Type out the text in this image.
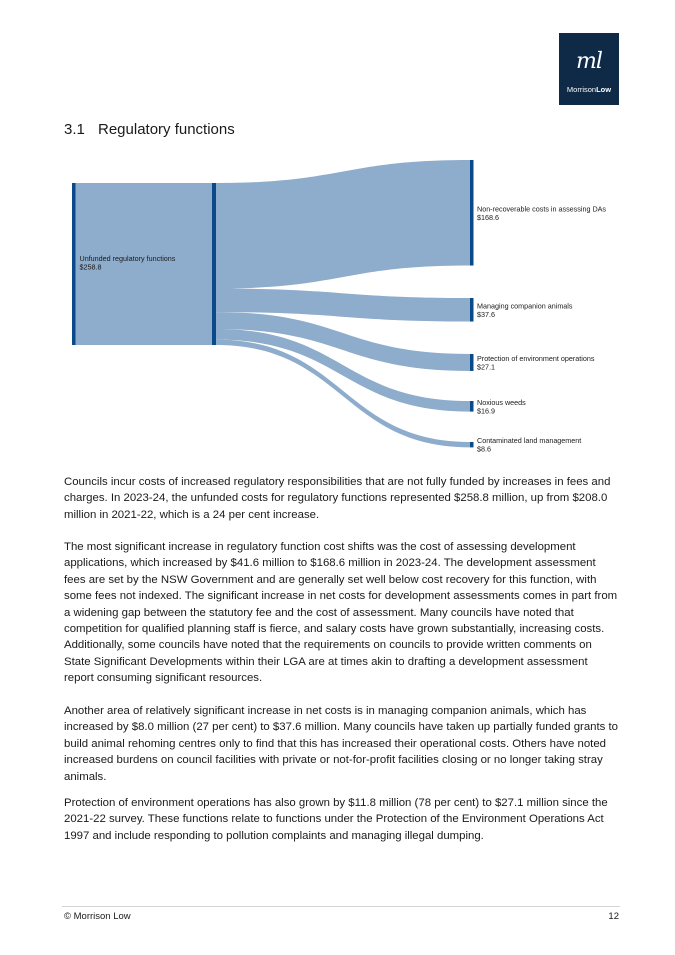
ml
MorrisonLow
3.1 Regulatory functions
Unfunded regulatory functions
$258.8
Non-recoverable costs in assessing DAs
$168.6
Managing companion animals
$37.6
Protection of environment operations
$27.1
Noxious weeds
$16.9
Contaminated land management
$8.6

Councils incur costs of increased regulatory responsibilities that are not fully funded by increases in fees and charges. In 2023-24, the unfunded costs for regulatory functions represented $258.8 million, up from $208.0 million in 2021-22, which is a 24 per cent increase.

The most significant increase in regulatory function cost shifts was the cost of assessing development applications, which increased by $41.6 million to $168.6 million in 2023-24. The development assessment fees are set by the NSW Government and are generally set well below cost recovery for this function, with some fees not indexed. The significant increase in net costs for development assessments comes in part from a widening gap between the statutory fee and the cost of assessment. Many councils have noted that competition for qualified planning staff is fierce, and salary costs have grown substantially, increasing costs. Additionally, some councils have noted that the requirements on councils to provide written comments on State Significant Developments within their LGA are at times akin to drafting a development assessment report consuming significant resources.

Another area of relatively significant increase in net costs is in managing companion animals, which has increased by $8.0 million (27 per cent) to $37.6 million. Many councils have taken up partially funded grants to build animal rehoming centres only to find that this has increased their operational costs. Others have noted increased burdens on council facilities with private or not-for-profit facilities closing or no longer taking stray animals.

Protection of environment operations has also grown by $11.8 million (78 per cent) to $27.1 million since the 2021-22 survey. These functions relate to functions under the Protection of the Environment Operations Act 1997 and include responding to pollution complaints and managing illegal dumping.

© Morrison Low	12
